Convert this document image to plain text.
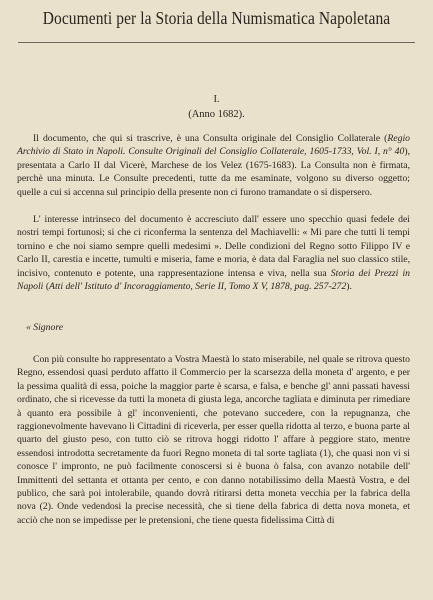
Documenti per la Storia della Numismatica Napoletana
I.
(Anno 1682).

Il documento, che qui si trascrive, è una Consulta originale del Consiglio Collaterale (Regio Archivio di Stato in Napoli. Consulte Originali del Consiglio Collaterale, 1605-1733, Vol. I, n° 40), presentata a Carlo II dal Vicerè, Marchese de los Velez (1675-1683). La Consulta non è firmata, perchè una minuta. Le Consulte precedenti, tutte da me esaminate, volgono su diverso oggetto; quelle a cui si accenna sul principio della presente non ci furono tramandate o si dispersero.

L' interesse intrinseco del documento è accresciuto dall' essere uno specchio quasi fedele dei nostri tempi fortunosi; si che ci riconferma la sentenza del Machiavelli: « Mi pare che tutti li tempi tornino e che noi siamo sempre quelli medesimi ». Delle condizioni del Regno sotto Filippo IV e Carlo II, carestia e incette, tumulti e miseria, fame e moria, è data dal Faraglia nel suo classico stile, incisivo, contenuto e potente, una rappresentazione intensa e viva, nella sua Storia dei Prezzi in Napoli (Atti dell' Istituto d' Incoraggiamento, Serie II, Tomo X V, 1878, pag. 257-272).

« Signore

Con più consulte ho rappresentato a Vostra Maestà lo stato miserabile, nel quale se ritrova questo Regno, essendosi quasi perduto affatto il Commercio per la scarsezza della moneta d' argento, e per la pessima qualità di essa, poiche la maggior parte è scarsa, e falsa, e benche gl' anni passati havessi ordinato, che si ricevesse da tutti la moneta di giusta lega, ancorche tagliata e diminuta per rimediare à quanto era possibile à gl' inconvenienti, che potevano succedere, con la repugnanza, che raggionevolmente havevano li Cittadini di riceverla, per esser quella ridotta al terzo, e buona parte al quarto del giusto peso, con tutto ciò se ritrova hoggi ridotto l' affare à peggiore stato, mentre essendosi introdotta secretamente da fuori Regno moneta di tal sorte tagliata (1), che quasi non vi si conosce l' impronto, ne può facilmente conoscersi si è buona ò falsa, con avanzo notabile dell' Immittenti del settanta et ottanta per cento, e con danno notabilissimo della Maestà Vostra, e del publico, che sarà poi intolerabile, quando dovrà ritirarsi detta moneta vecchia per la fabrica della nova (2). Onde vedendosi la precise necessità, che si tiene della fabrica di detta nova moneta, et acciò che non se impedisse per le pretensioni, che tiene questa fidelissima Città di
